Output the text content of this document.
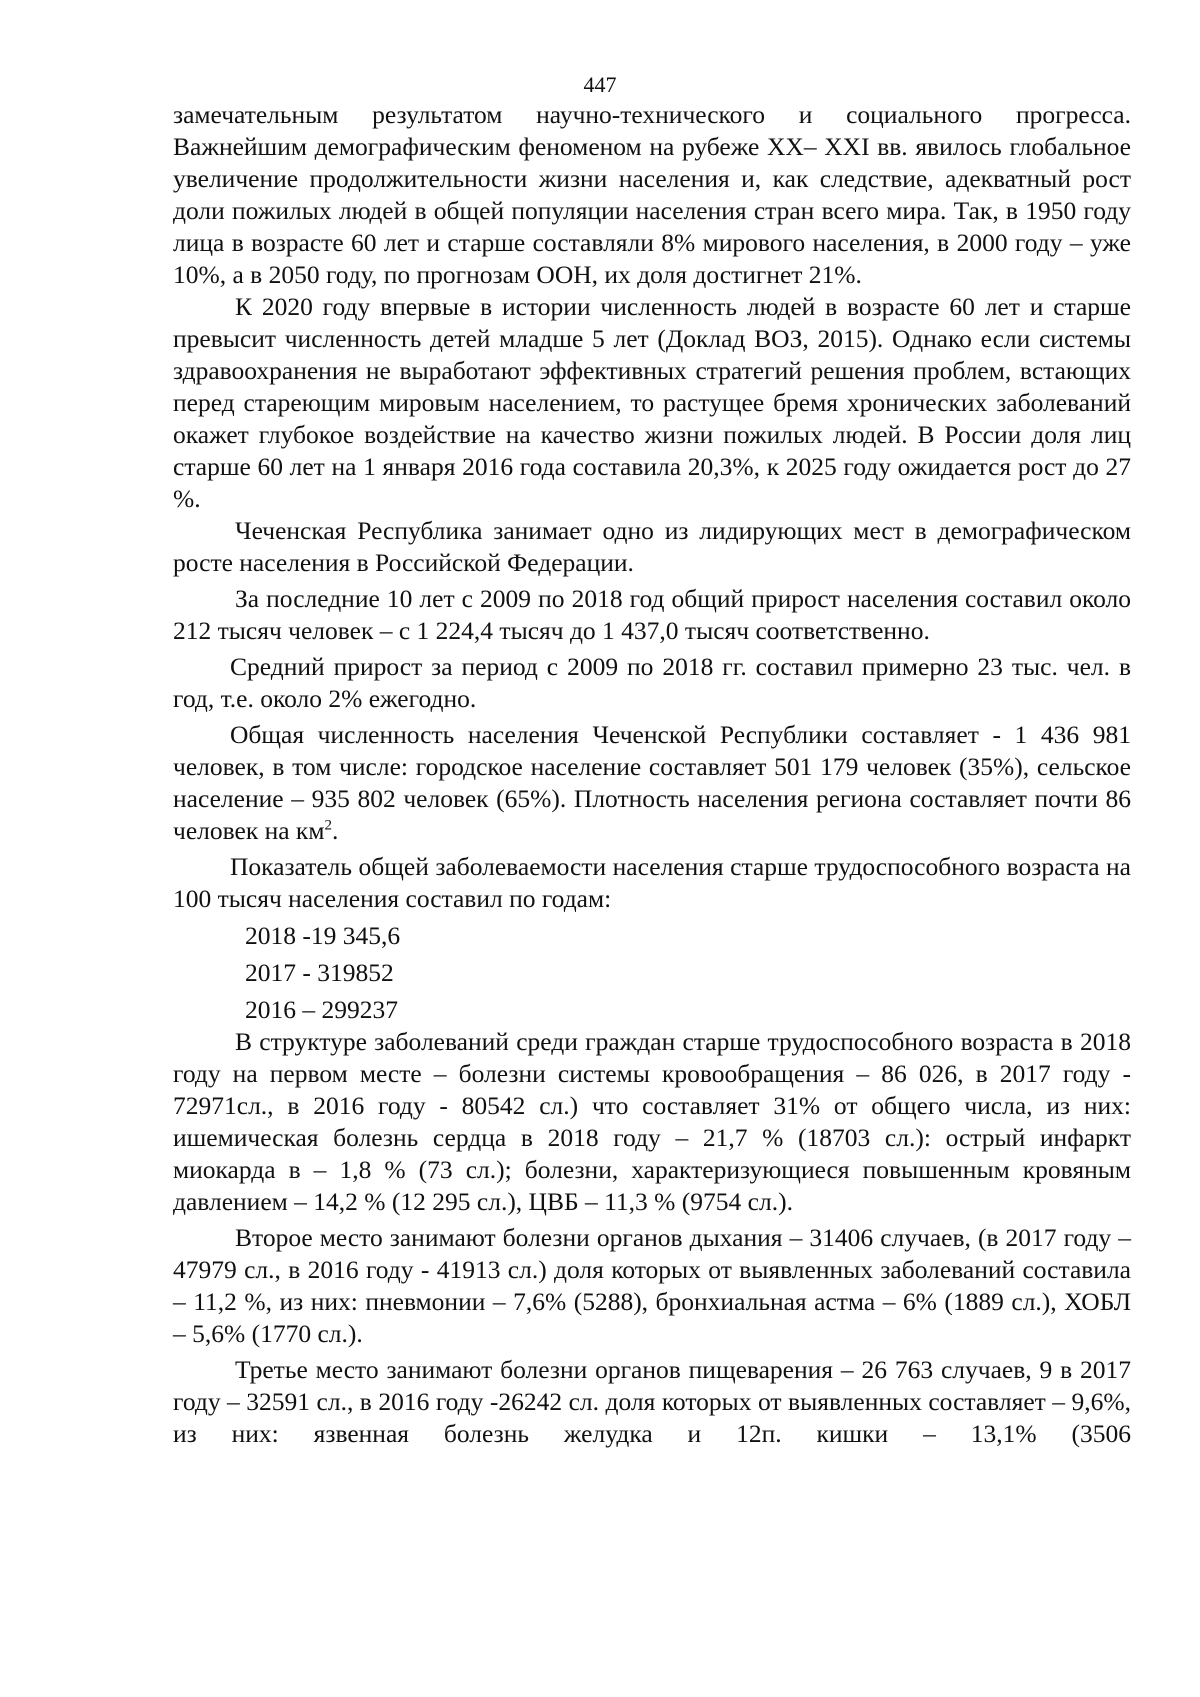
447

замечательным результатом научно-технического и социального прогресса. Важнейшим демографическим феноменом на рубеже ХХ– XXI вв. явилось глобальное увеличение продолжительности жизни населения и, как следствие, адекватный рост доли пожилых людей в общей популяции населения стран всего мира. Так, в 1950 году лица в возрасте 60 лет и старше составляли 8% мирового населения, в 2000 году – уже 10%, а в 2050 году, по прогнозам ООН, их доля достигнет 21%.

К 2020 году впервые в истории численность людей в возрасте 60 лет и старше превысит численность детей младше 5 лет (Доклад ВОЗ, 2015). Однако если системы здравоохранения не выработают эффективных стратегий решения проблем, встающих перед стареющим мировым населением, то растущее бремя хронических заболеваний окажет глубокое воздействие на качество жизни пожилых людей. В России доля лиц старше 60 лет на 1 января 2016 года составила 20,3%, к 2025 году ожидается рост до 27 %.

Чеченская Республика занимает одно из лидирующих мест в демографическом росте населения в Российской Федерации.

За последние 10 лет с 2009 по 2018 год общий прирост населения составил около 212 тысяч человек – с 1 224,4 тысяч до 1 437,0 тысяч соответственно.

Средний прирост за период с 2009 по 2018 гг. составил примерно 23 тыс. чел. в год, т.е. около 2% ежегодно.

Общая численность населения Чеченской Республики составляет - 1 436 981 человек, в том числе: городское население составляет 501 179 человек (35%), сельское население – 935 802 человек (65%). Плотность населения региона составляет почти 86 человек на $км^2$.

Показатель общей заболеваемости населения старше трудоспособного возраста на 100 тысяч населения составил по годам:

2018 -19 345,6
2017 - 319852
2016 – 299237

В структуре заболеваний среди граждан старше трудоспособного возраста в 2018 году на первом месте – болезни системы кровообращения – 86 026, в 2017 году - 72971сл., в 2016 году - 80542 сл.) что составляет 31% от общего числа, из них: ишемическая болезнь сердца в 2018 году – 21,7 % (18703 сл.): острый инфаркт миокарда в – 1,8 % (73 сл.); болезни, характеризующиеся повышенным кровяным давлением – 14,2 % (12 295 сл.), ЦВБ – 11,3 % (9754 сл.).

Второе место занимают болезни органов дыхания – 31406 случаев, (в 2017 году – 47979 сл., в 2016 году - 41913 сл.) доля которых от выявленных заболеваний составила – 11,2 %, из них: пневмонии – 7,6% (5288), бронхиальная астма – 6% (1889 сл.), ХОБЛ – 5,6% (1770 сл.).

Третье место занимают болезни органов пищеварения – 26 763 случаев, 9 в 2017 году – 32591 сл., в 2016 году -26242 сл. доля которых от выявленных составляет – 9,6%, из них: язвенная болезнь желудка и 12п. кишки – 13,1% (3506
